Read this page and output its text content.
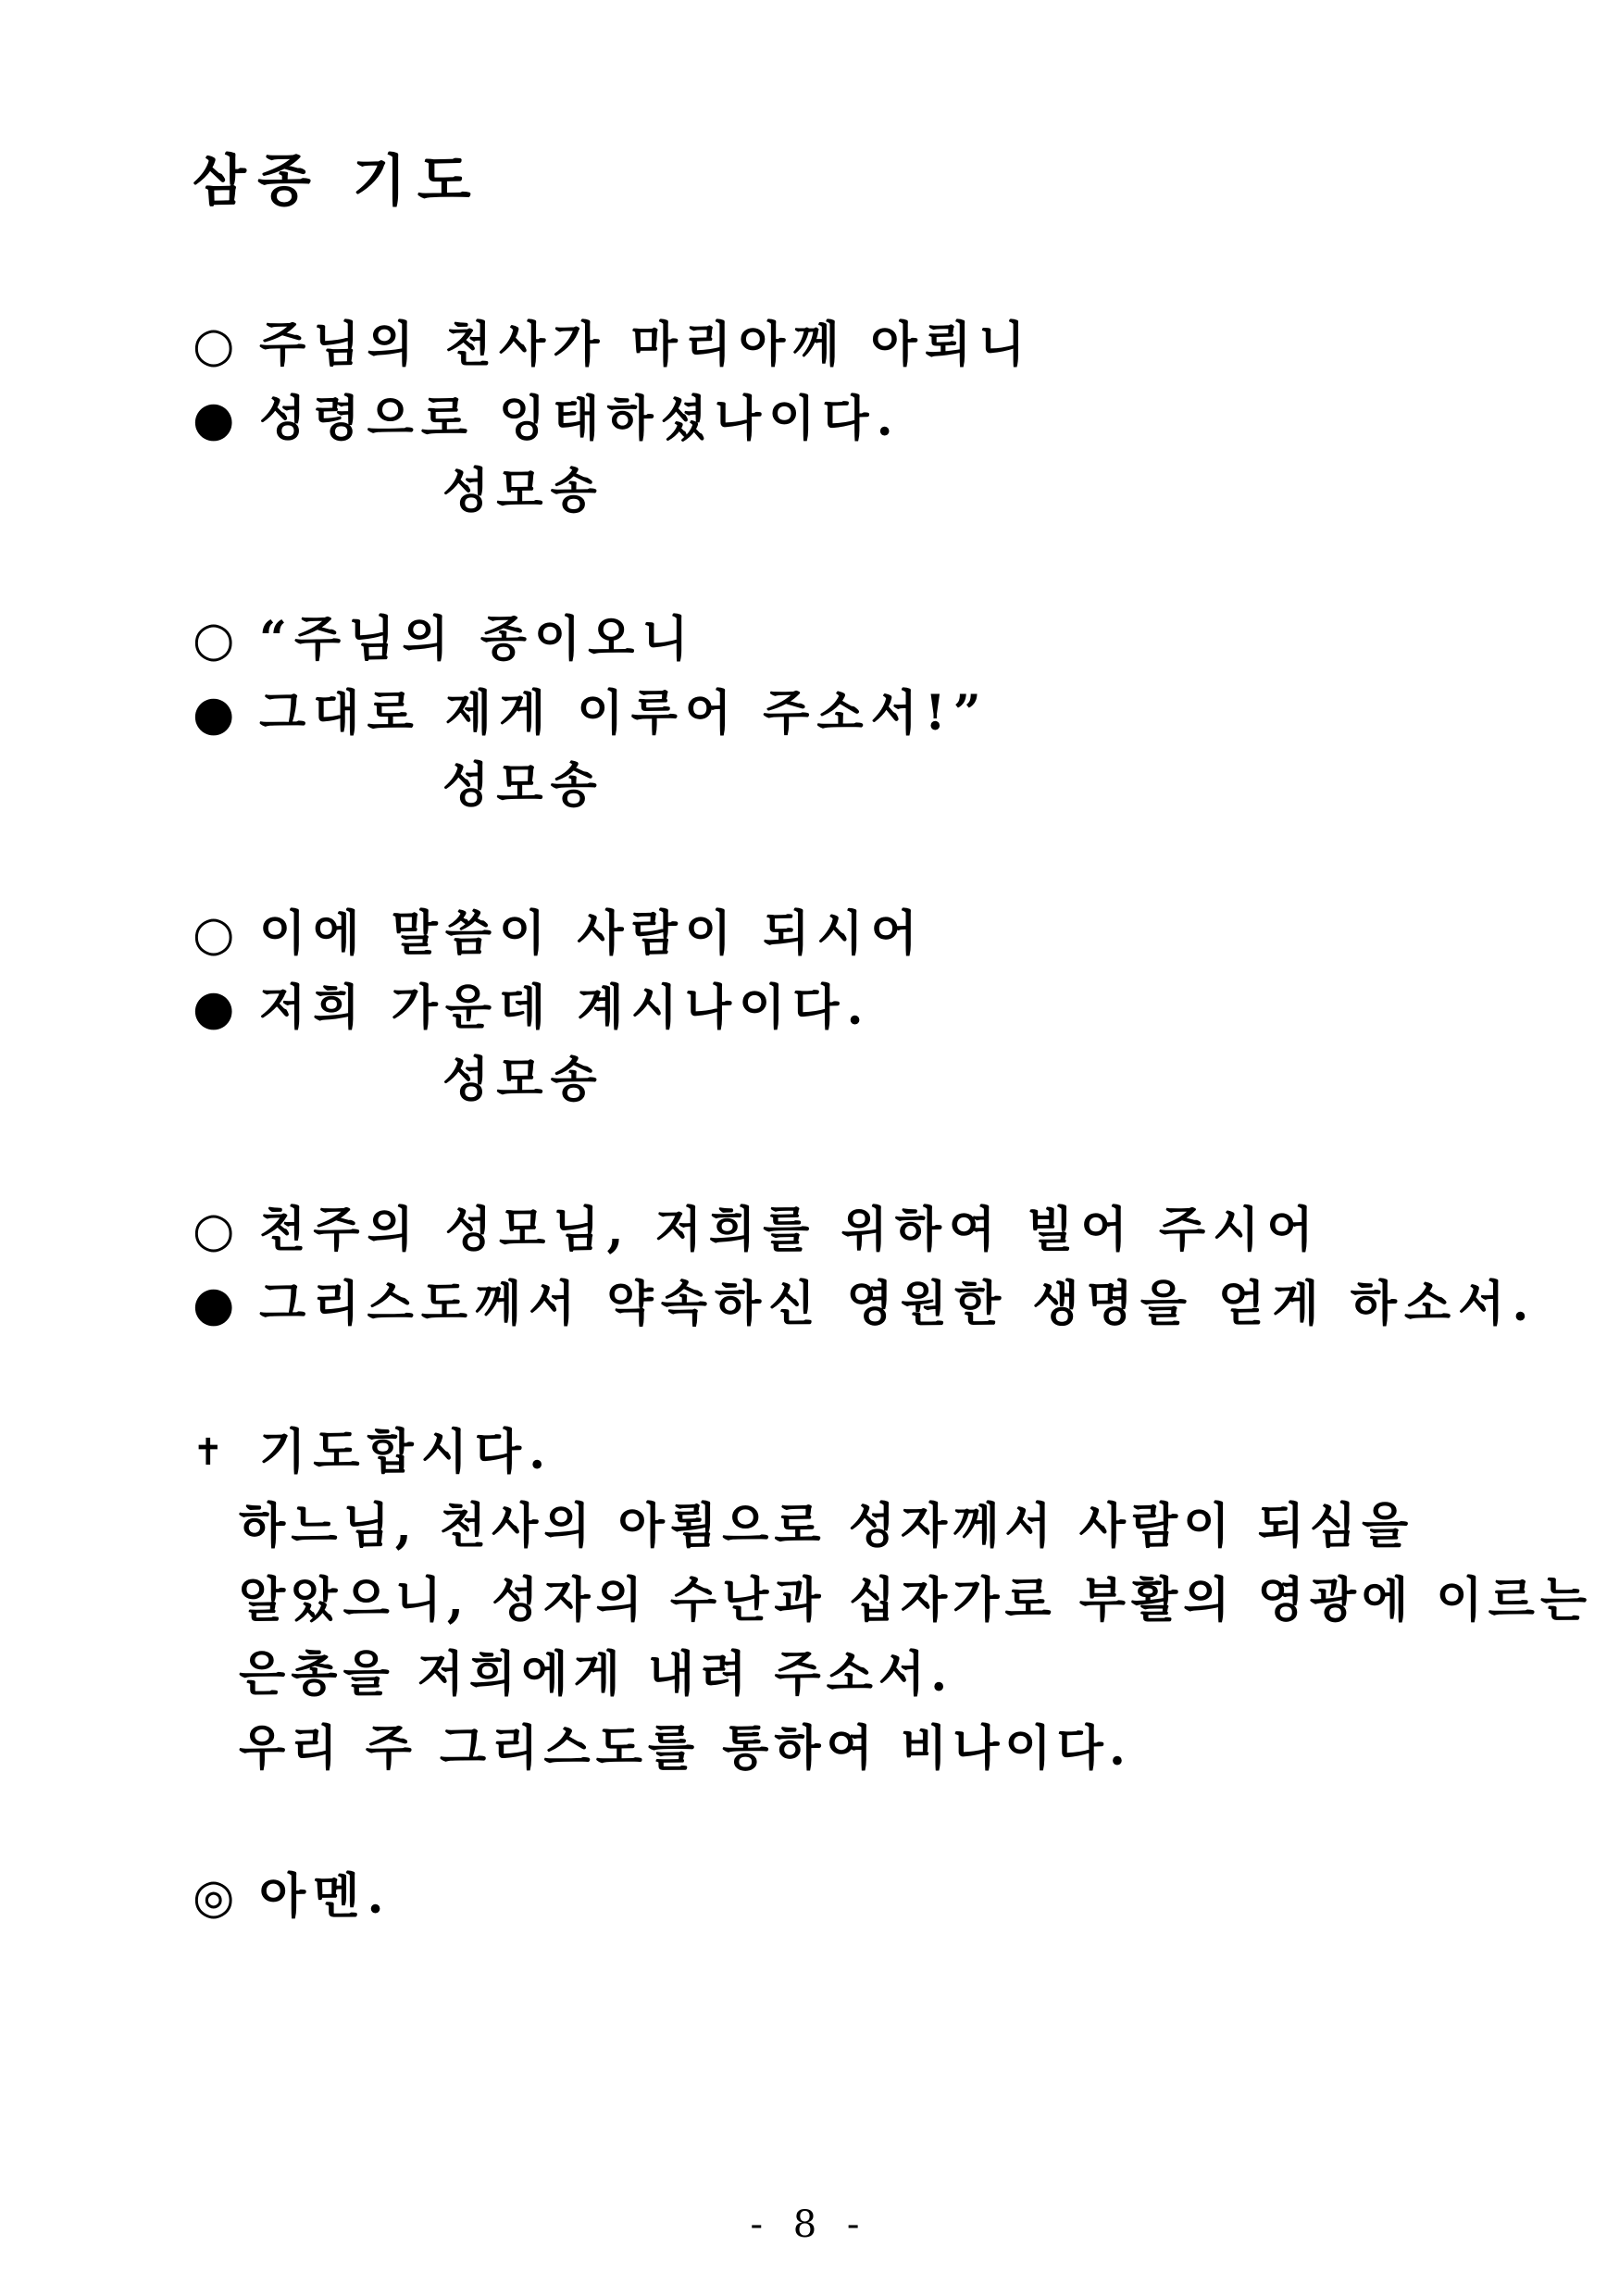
삼종 기도
○ 주님의 천사가 마리아께 아뢰니
● 성령으로 잉태하셨나이다.
성모송
○ “주님의 종이오니
● 그대로 제게 이루어 주소서!”
성모송
○ 이에 말씀이 사람이 되시어
● 저희 가운데 계시나이다.
성모송
○ 천주의 성모님, 저희를 위하여 빌어 주시어
● 그리스도께서 약속하신 영원한 생명을 얻게 하소서.
✝ 기도합시다.
하느님, 천사의 아룀으로 성자께서 사람이 되심을
알았으니, 성자의 수난과 십자가로 부활의 영광에 이르는
은총을 저희에게 내려 주소서.
우리 주 그리스도를 통하여 비나이다.
◎ 아멘.
- 8 -
